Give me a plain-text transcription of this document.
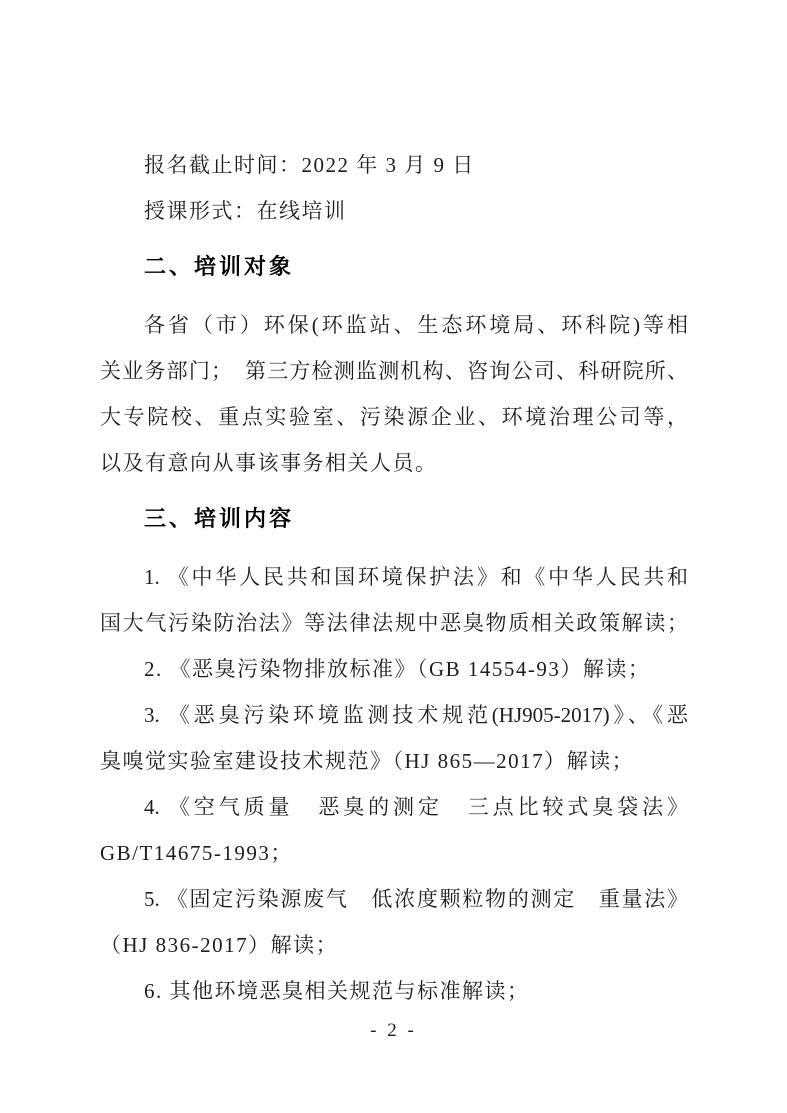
报名截止时间：2022 年 3 月 9 日
授课形式：在线培训
二、培训对象
各省（市）环保(环监站、生态环境局、环科院)等相
关业务部门；　第三方检测监测机构、咨询公司、科研院所、
大专院校、重点实验室、污染源企业、环境治理公司等，
以及有意向从事该事务相关人员。
三、培训内容
1. 《中华人民共和国环境保护法》和《中华人民共和
国大气污染防治法》等法律法规中恶臭物质相关政策解读；
2. 《恶臭污染物排放标准》（GB 14554-93）解读；
3. 《恶臭污染环境监测技术规范(HJ905-2017)》、《恶
臭嗅觉实验室建设技术规范》（HJ 865—2017）解读；
4. 《空气质量　恶臭的测定　三点比较式臭袋法》
GB/T14675-1993；
5. 《固定污染源废气　低浓度颗粒物的测定　重量法》
（HJ 836-2017）解读；
6. 其他环境恶臭相关规范与标准解读；
- 2 -
